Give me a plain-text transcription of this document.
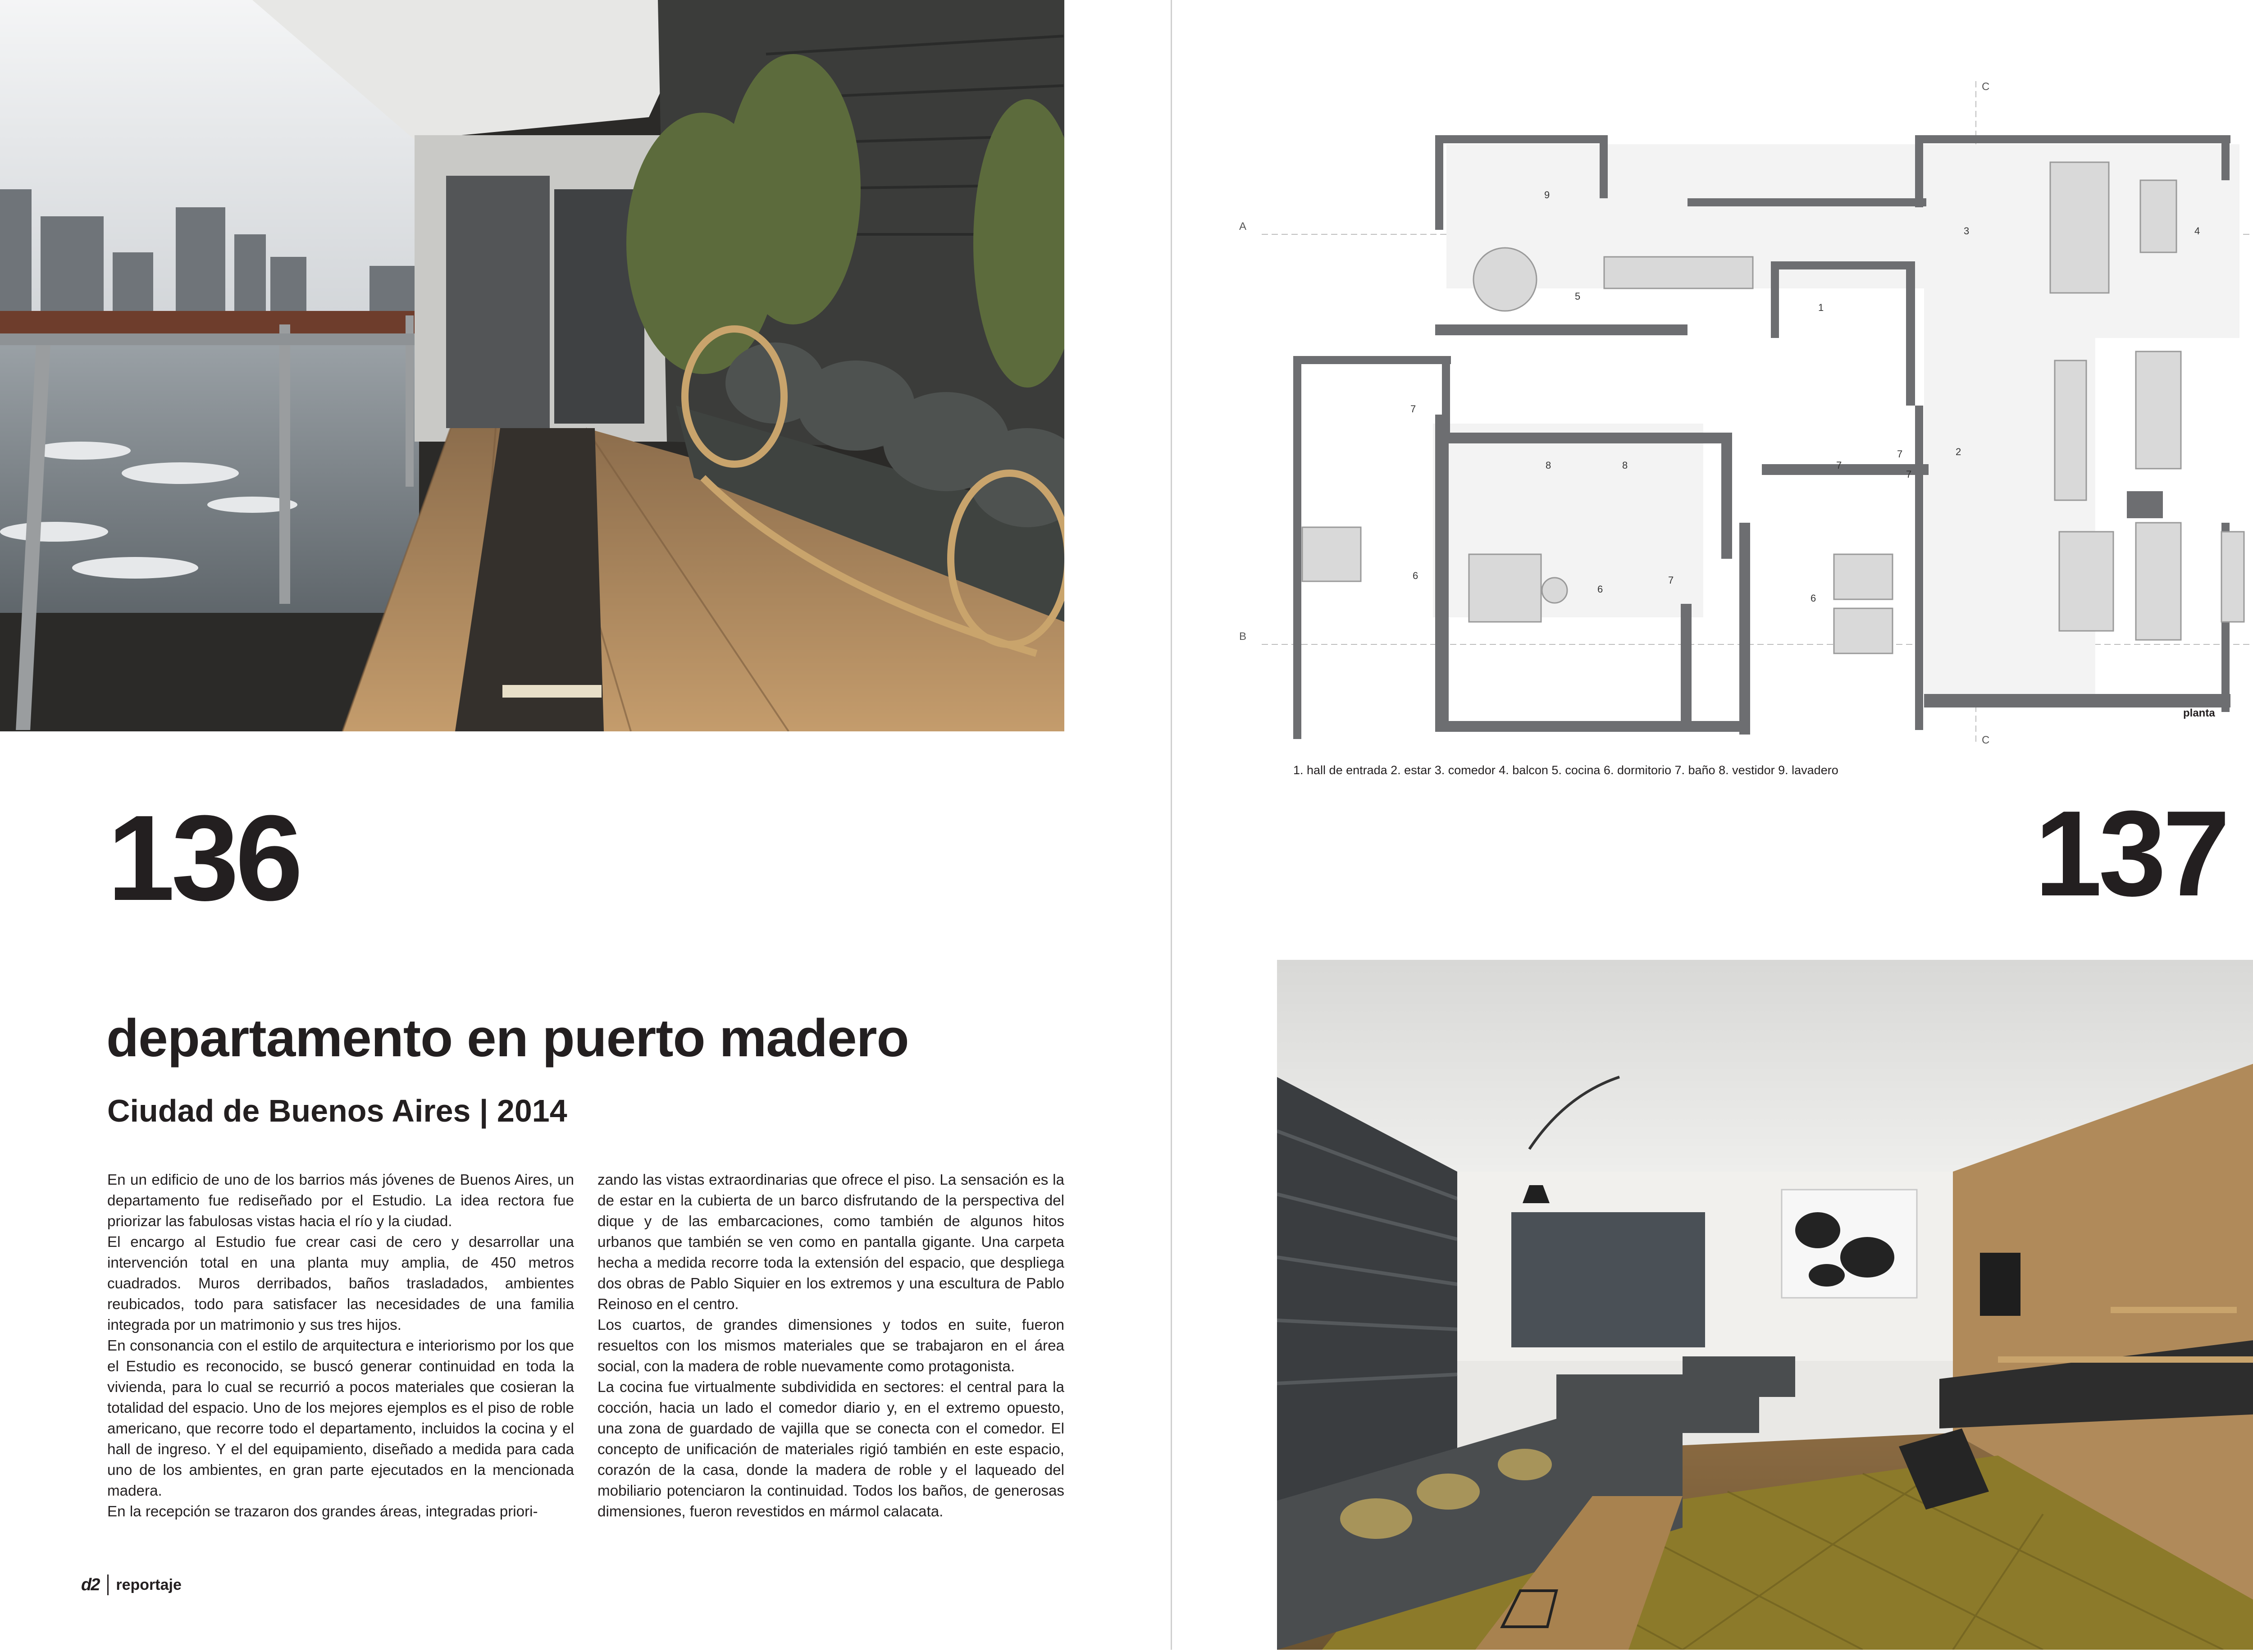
136
departamento en puerto madero
Ciudad de Buenos Aires | 2014

En un edificio de uno de los barrios más jóvenes de Buenos Aires, un departamento fue rediseñado por el Estudio. La idea rectora fue priorizar las fabulosas vistas hacia el río y la ciudad.

El encargo al Estudio fue crear casi de cero y desarrollar una intervención total en una planta muy amplia, de 450 metros cuadrados. Muros derribados, baños trasladados, ambientes reubicados, todo para satisfacer las necesidades de una familia integrada por un matrimonio y sus tres hijos.

En consonancia con el estilo de arquitectura e interiorismo por los que el Estudio es reconocido, se buscó generar continuidad en toda la vivienda, para lo cual se recurrió a pocos materiales que cosieran la totalidad del espacio. Uno de los mejores ejemplos es el piso de roble americano, que recorre todo el departamento, incluidos la cocina y el hall de ingreso. Y el del equipamiento, diseñado a medida para cada uno de los ambientes, en gran parte ejecutados en la mencionada madera.

En la recepción se trazaron dos grandes áreas, integradas priori-

zando las vistas extraordinarias que ofrece el piso. La sensación es la de estar en la cubierta de un barco disfrutando de la perspectiva del dique y de las embarcaciones, como también de algunos hitos urbanos que también se ven como en pantalla gigante. Una carpeta hecha a medida recorre toda la extensión del espacio, que despliega dos obras de Pablo Siquier en los extremos y una escultura de Pablo Reinoso en el centro.

Los cuartos, de grandes dimensiones y todos en suite, fueron resueltos con los mismos materiales que se trabajaron en el área social, con la madera de roble nuevamente como protagonista.

La cocina fue virtualmente subdividida en sectores: el central para la cocción, hacia un lado el comedor diario y, en el extremo opuesto, una zona de guardado de vajilla que se conecta con el comedor. El concepto de unificación de materiales rigió también en este espacio, corazón de la casa, donde la madera de roble y el laqueado del mobiliario potenciaron la continuidad. Todos los baños, de generosas dimensiones, fueron revestidos en mármol calacata.

d2 reportaje
1
2
3	4
5
6
6
6
7
7
7
7
7
8	8
9
A
B
C
C
planta
1. hall de entrada 2. estar 3. comedor 4. balcon 5. cocina 6. dormitorio 7. baño 8. vestidor 9. lavadero
137
